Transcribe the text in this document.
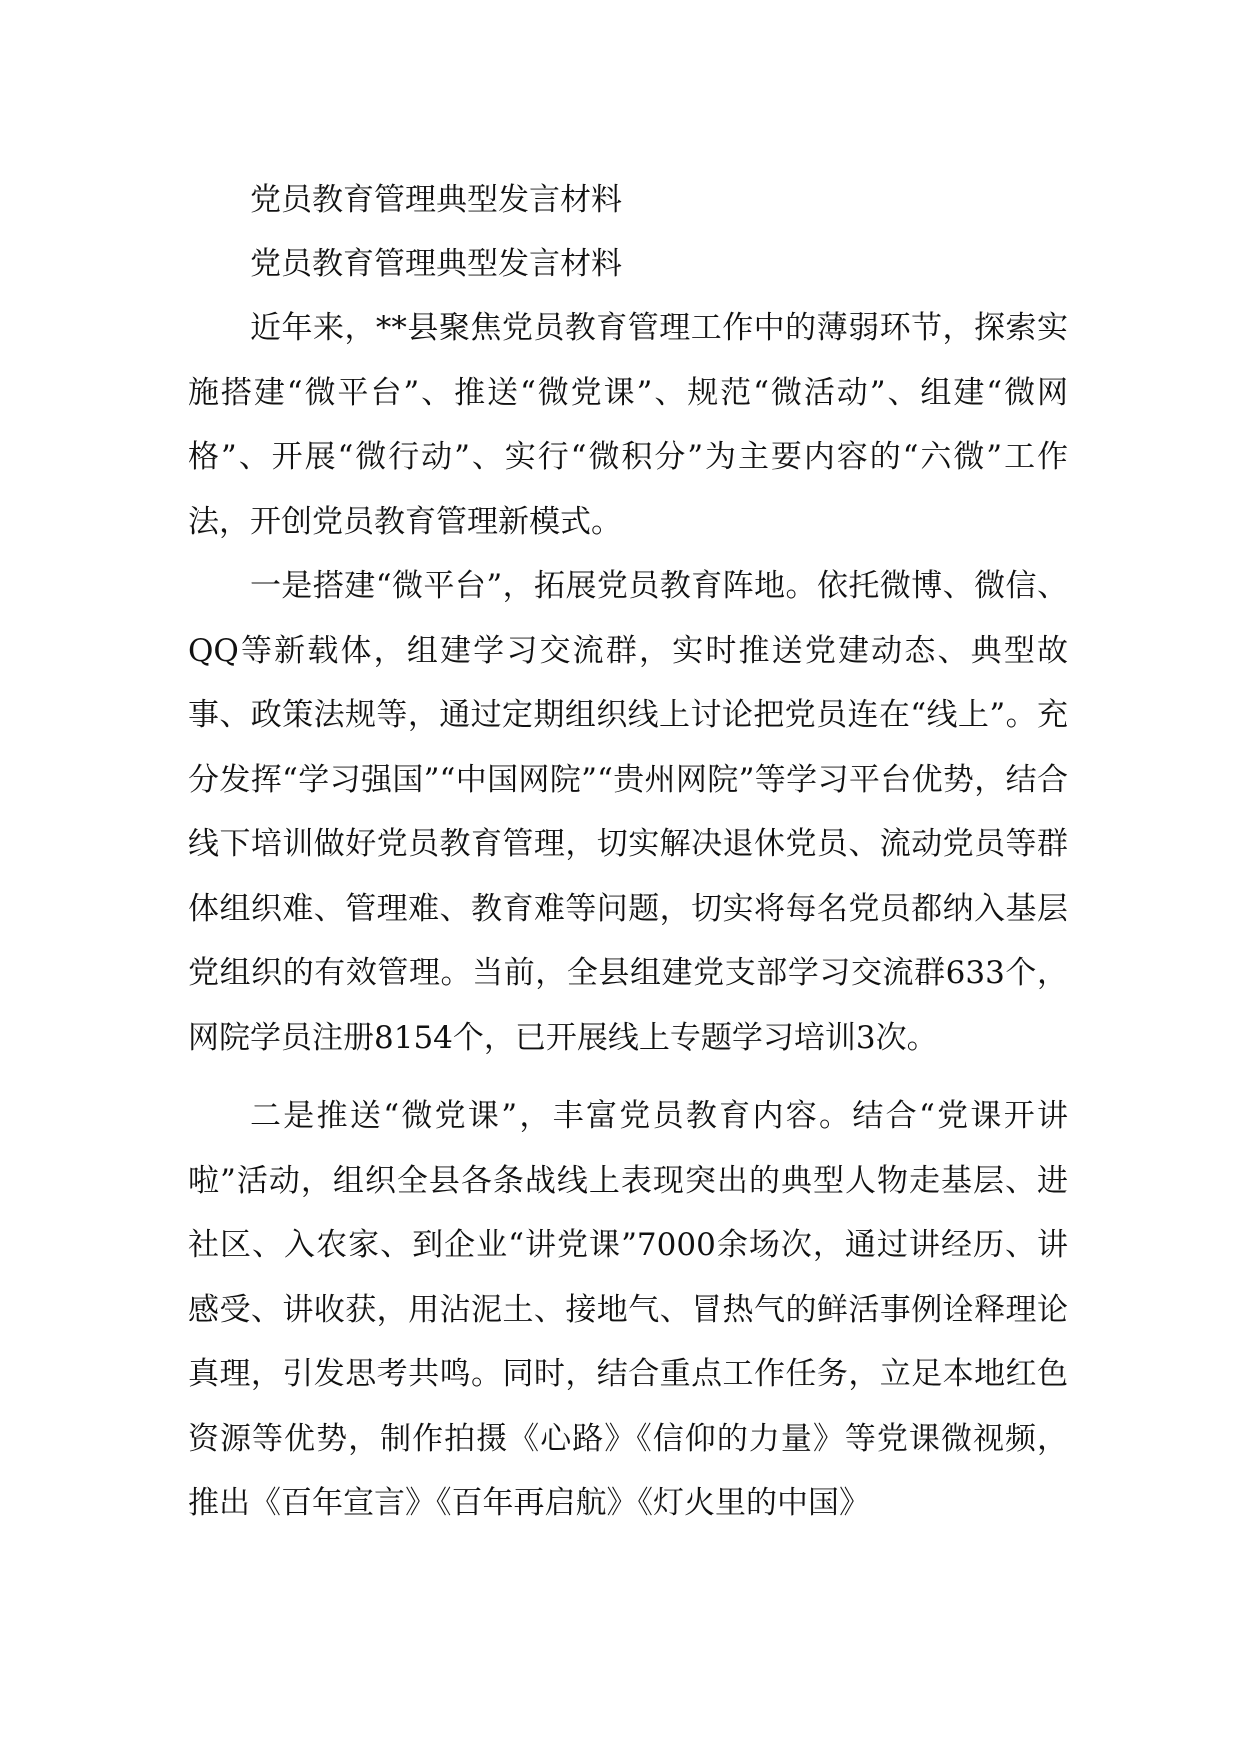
党员教育管理典型发言材料
党员教育管理典型发言材料

近年来，**县聚焦党员教育管理工作中的薄弱环节，探索实施搭建“微平台”、推送“微党课”、规范“微活动”、组建“微网格”、开展“微行动”、实行“微积分”为主要内容的“六微”工作法，开创党员教育管理新模式。

一是搭建“微平台”，拓展党员教育阵地。依托微博、微信、QQ等新载体，组建学习交流群，实时推送党建动态、典型故事、政策法规等，通过定期组织线上讨论把党员连在“线上”。充分发挥“学习强国”“中国网院”“贵州网院”等学习平台优势，结合线下培训做好党员教育管理，切实解决退休党员、流动党员等群体组织难、管理难、教育难等问题，切实将每名党员都纳入基层党组织的有效管理。当前，全县组建党支部学习交流群633个，网院学员注册8154个，已开展线上专题学习培训3次。

二是推送“微党课”，丰富党员教育内容。结合“党课开讲啦”活动，组织全县各条战线上表现突出的典型人物走基层、进社区、入农家、到企业“讲党课”7000余场次，通过讲经历、讲感受、讲收获，用沾泥土、接地气、冒热气的鲜活事例诠释理论真理，引发思考共鸣。同时，结合重点工作任务，立足本地红色资源等优势，制作拍摄《心路》《信仰的力量》等党课微视频，推出《百年宣言》《百年再启航》《灯火里的中国》
